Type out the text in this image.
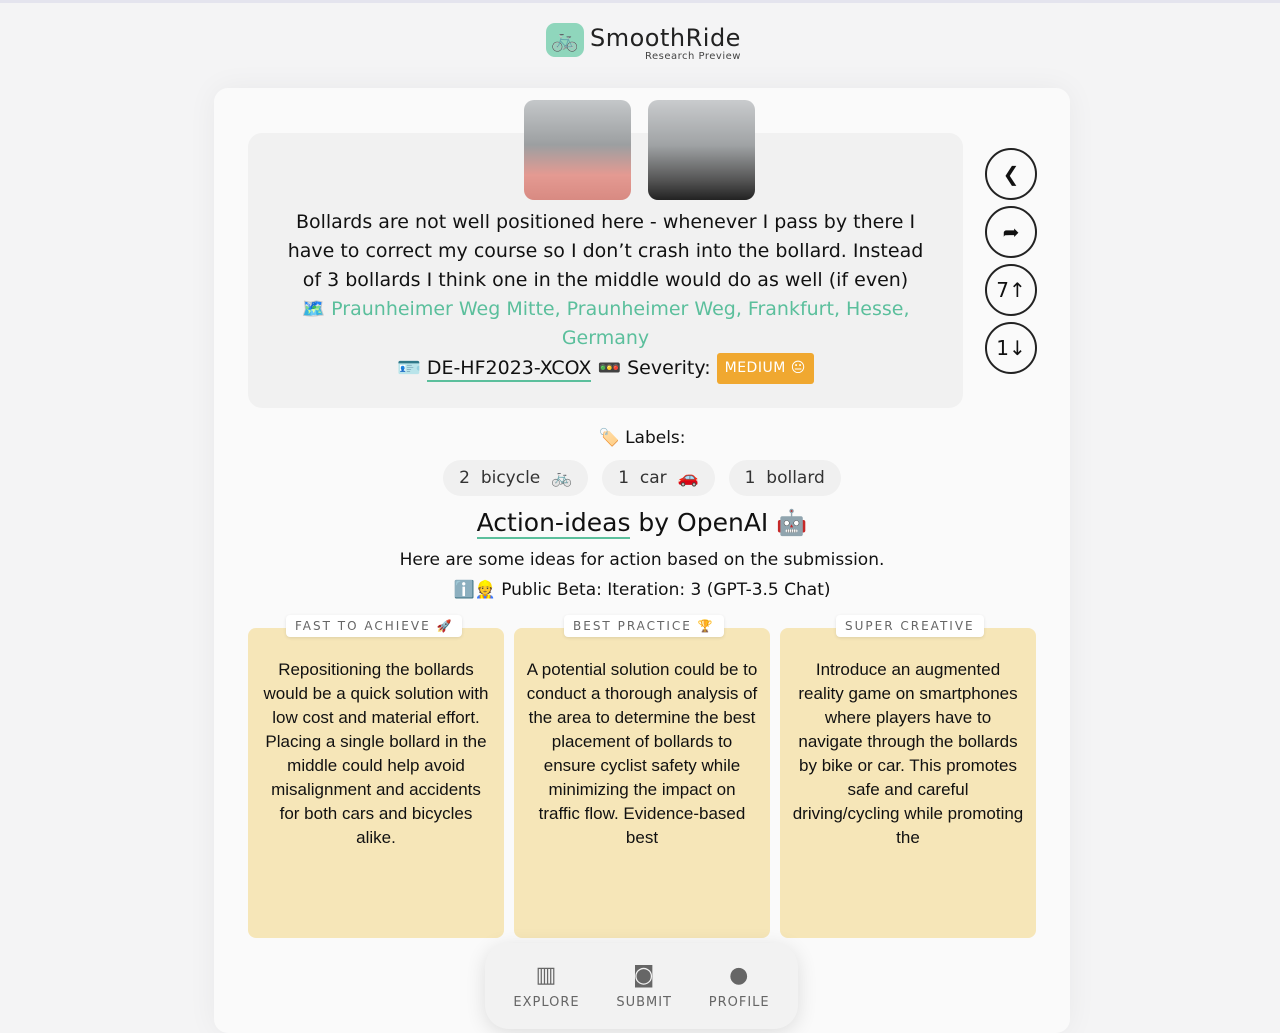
🚲 SmoothRide
Research Preview
Bollards are not well positioned here - whenever I pass by there I have to correct my course so I don’t crash into the bollard. Instead of 3 bollards I think one in the middle would do as well (if even)
🗺️ Praunheimer Weg Mitte, Praunheimer Weg, Frankfurt, Hesse, Germany
🪪 DE-HF2023-XCOX 🚥 Severity:	MEDIUM 😐
❮
➦
7 ↑
1 ↓
🏷️ Labels:
2 bicycle 🚲	1 car 🚗	1 bollard
Action-ideas by OpenAI 🤖
Here are some ideas for action based on the submission.
ℹ️👷 Public Beta: Iteration: 3 (GPT-3.5 Chat)
Repositioning the bollards would be a quick solution with low cost and material effort. Placing a single bollard in the middle could help avoid misalignment and accidents for both cars and bicycles alike.
FAST TO ACHIEVE 🚀
A potential solution could be to conduct a thorough analysis of the area to determine the best placement of bollards to ensure cyclist safety while minimizing the impact on traffic flow. Evidence-based best
BEST PRACTICE 🏆
Introduce an augmented reality game on smartphones where players have to navigate through the bollards by bike or car. This promotes safe and careful driving/cycling while promoting the
SUPER CREATIVE
▥
EXPLORE
◙
SUBMIT
●
PROFILE
